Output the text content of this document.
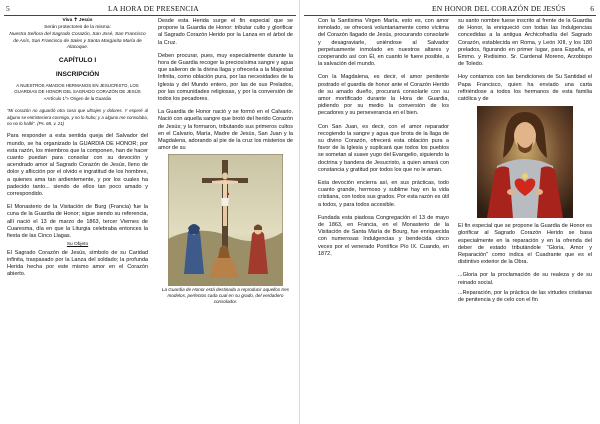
5	LA HORA DE PRESENCIA

Viva ✝ Jesús

Serán protectores de la misma:

Nuestra Señora del Sagrado Corazón, San José, San Francisco de Asís, San Francisco de Sales y Santa Margarita María de Alacoque.

CAPÍTULO I

INSCRIPCIÓN

A NUESTROS AMADOS HERMANOS EN JESUCRISTO, LOS GUARDIAS DE HONOR DEL SAGRADO CORAZÓN DE JESÚS «Artículo 1º» Origen de la Guardia

"Mi corazón no aguardó otra cosa que ultrajes y dolores. Y esperé al alguno se entristeciera conmigo, y no lo hubo; y a alguno me consolaba, no no lo hallé". (Ps. 68, v. 21)

Para responder a esta sentida queja del Salvador del mundo, se ha organizado la GUARDIA DE HONOR; por esta razón, los miembros que la componen, han de hacer cuanto puedan para consolar con su devoción y acendrado amor al Sagrado Corazón de Jesús, lleno de dolor y aflicción por el olvido e ingratitud de los hombres, a quienes ama tan ardientemente, y por los cuales ha padecido tanto... siendo de ellos tan poco amado y correspondido.

El Monasterio de la Visitación de Burg (Francia) fue la cuna de la Guardia de Honor; sigue siendo su referencia, allí nació el 13 de marzo de 1863, tercer Viernes de Cuaresma, día en que la Liturgia celebraba entonces la fiesta de las Cinco Llagas.

Su Objeto

El Sagrado Corazón de Jesús, símbolo de su Caridad infinita, traspasado por la Lanza del soldado; la profunda Herida hecha por este mismo amor en el Corazón abierto.

Desde esta Herida surge el fin especial que se propone la Guardia de Honor: tributar culto y glorificar al Sagrado Corazón Herido por la Lanza en el árbol de la Cruz.

Deben procurar, pues, muy especialmente durante la hora de Guardia recoger la preciosísima sangre y agua que salieron de la divina llaga y ofrecerla a la Majestad Infinita, como oblación pura, por las necesidades de la Iglesia y del Mundo entero, por las de sus Prelados, por las comunidades religiosas, y por la conversión de todos los pecadores.

La Guardia de Honor nació y se formó en el Calvario. Nació con aquella sangre que brotó del herido Corazón de Jesús; y la formaron, tributando sus primeros cultos en el Calvario, María, Madre de Jesús, San Juan y la Magdalena, adorando al pie de la cruz los misterios de amor de su

La Guardia de Honor está destinada a reproducir aquellos tres modelos, perfectos cada cual en su grado, del verdadero consolador.

EN HONOR DEL CORAZÓN DE JESÚS	6

Con la Santísima Virgen María, esto es, con amor inmolado, se ofrecerá voluntariamente como víctima del Corazón llagado de Jesús, procurando consolarle y desagraviarle, uniéndose al Salvador perpetuamente inmolado en nuestros altares y cooperando así con Él, en cuanto le fuere posible, a la salvación del mundo.

Con la Magdalena, es decir, el amor penitente postrado el guardia de honor ante el Corazón Herido de su amado dueño, procurará consolarle con su amor mortificado durante la Hora de Guardia, pidiendo por su medio la conversión de los pecadores y su perseverancia en el bien.

Con San Juan, es decir, con el amor reparador recogiendo la sangre y agua que brota de la llaga de su divino Corazón, ofrecerá esta oblación pura a favor de la Iglesia y suplicará que todos los pueblos se sometan al suave yugo del Evangelio, siguiendo la doctrina y bandera de Jesucristo, a quien amará con constancia y gratitud por todos los que no le aman.

Esta devoción encierra así, en sus prácticas, todo cuanto grande, hermoso y sublime hay en la vida cristiana, con todos sus grados. Por esta razón es útil a todos, y para todos accesible.

Fundada esta piadosa Congregación el 13 de mayo de 1863, en Francia, en el Monasterio de la Visitación de Santa María de Bourg, fue enriquecida con numerosas Indulgencias y bendecida cinco veces por el venerado Pontífice Pío IX. Cuando, en 1872,

su santo nombre fuese inscrito al frente de la Guardia de Honor, la enriqueció con todas las Indulgencias concedidas a la antigua Archicofradía del Sagrado Corazón, establecida en Roma, y León XIII, y los 180 prelados, figurando en primer lugar, para España, el Emmo. y Rvdisimo. Sr. Cardenal Moreno, Arzobispo de Toledo.

Hoy contamos con las bendiciones de Su Santidad el Papa Francisco, quien ha enviado una carta refiriéndose a todos los hermanos de esta familia católica y de

El fin especial que se propone la Guardia de Honor es glorificar al Sagrado Corazón Herido se basa especialmente en la reparación y en la ofrenda del deber de estado tributándole "Gloria, Amor y Reparación" como indica el Cuadrante que es el distintivo exterior de la Obra.

...Gloria por la proclamación de su realeza y de su reinado social.

...Reparación, por la práctica de las virtudes cristianas de penitencia y de celo con el fin
